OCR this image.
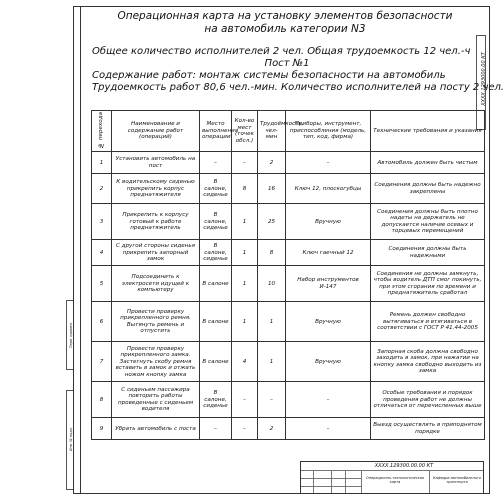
Перв. примен.
Инв. № подл.
ХХХХ.1293000.00 КТ
Операционная карта на установку элементов безопасности
на автомобиль категории N3
Общее количество исполнителей 2 чел. Общая трудоемкость 12 чел.-ч
Пост №1
Содержание работ: монтаж системы безопасности на автомобиль
Трудоемкость работ 80,6 чел.-мин. Количество исполнителей на посту 2 чел.
№ перехода	Наименование и содержание работ (операций)	Место выполнения операции	Кол-во мест (точек обсл.)	Трудоёмкость, чел-мин	Приборы, инструмент, приспособления (модель, тип, код, фирма)	Технические требования и указания
1	Установить автомобиль на пост	–	–	2	–	Автомобиль должен быть чистым
2	К водительскому сиденью прикрепить корпус преднатяжителя	В салоне, сиденье	8	16	Ключ 12, плоскогубцы	Соединения должны быть надежно закреплены
3	Прикрепить к корпусу готовый к работе преднатяжитель	В салоне, сиденье	1	25	Вручную	Соединения должны быть плотно надеты на держатель не допускается наличие осевых и торцевых перемещений
4	С другой стороны сиденья прикрепить запорный замок	В салоне, сиденье	1	8	Ключ гаечный 12	Соединения должны быть надежными
5	Подсоединить к электросети идущей к компьютеру	В салоне	1	10	Набор инструментов И-147	Соединения не должны замкнуть, чтобы водитель ДТП смог покинуть, при этом сгорания по времени и преднатяжитель сработал
6	Провести проверку прикрепленного ремня. Вытянуть ремень и отпустить	В салоне	1	1	Вручную	Ремень должен свободно вытягиваться и втягиваться в соответствии с ГОСТ Р 41.44-2005
7	Провести проверку прикрепленного замка. Застегнуть скобу ремня вставить в замок и отжать ножом кнопку замка	В салоне	4	1	Вручную	Запорная скоба должна свободно заходить в замок, при нажатии на кнопку замка свободно выходить из замка
8	С сиденьем пассажира повторить работы проведенные с сиденьем водителя	В салоне, сиденье	–	–	–	Особые требования и порядок проведения работ не должны отличаться от перечисленных выше
9	Убрать автомобиль с поста	–	–	2	–	Выезд осуществлять в приподнятом порядке
ХХХХ.129300.00.00 КТ
Операционно-технологическая карта
Кафедра автомобильного транспорта
